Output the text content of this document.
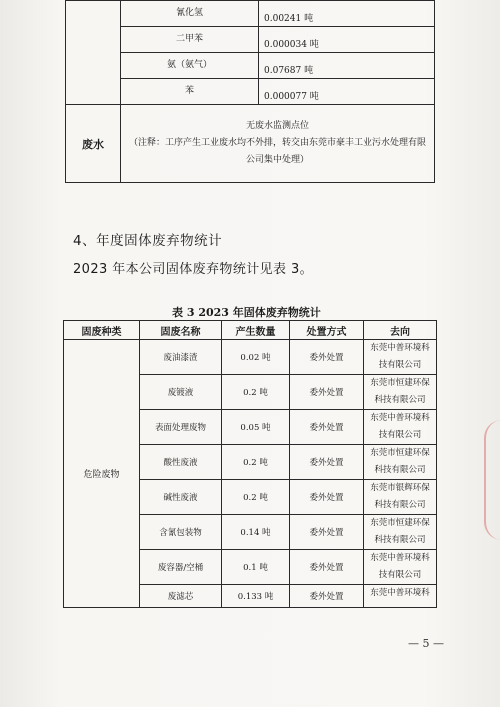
	氰化氢	0.00241 吨
	二甲苯	0.000034 吨
	氨（氨气）	0.07687 吨
	苯	0.000077 吨
废水	无废水监测点位
（注释：工序产生工业废水均不外排，转交由东莞市豪丰工业污水处理有限
公司集中处理）	
4、年度固体废弃物统计
2023 年本公司固体废弃物统计见表 3。
表 3 2023 年固体废弃物统计
固废种类	固废名称	产生数量	处置方式	去向
危险废物	废油漆渣	0.02 吨	委外处置	东莞中普环境科
技有限公司

	废镀液	0.2 吨	委外处置	东莞市恒建环保
科技有限公司

	表面处理废物	0.05 吨	委外处置	东莞中普环境科
技有限公司

	酸性废液	0.2 吨	委外处置	东莞市恒建环保
科技有限公司

	碱性废液	0.2 吨	委外处置	东莞市银辉环保
科技有限公司

	含氰包装物	0.14 吨	委外处置	东莞市恒建环保
科技有限公司

	废容器/空桶	0.1 吨	委外处置	东莞中普环境科
技有限公司

	废滤芯	0.133 吨	委外处置	东莞中普环境科
— 5 —
